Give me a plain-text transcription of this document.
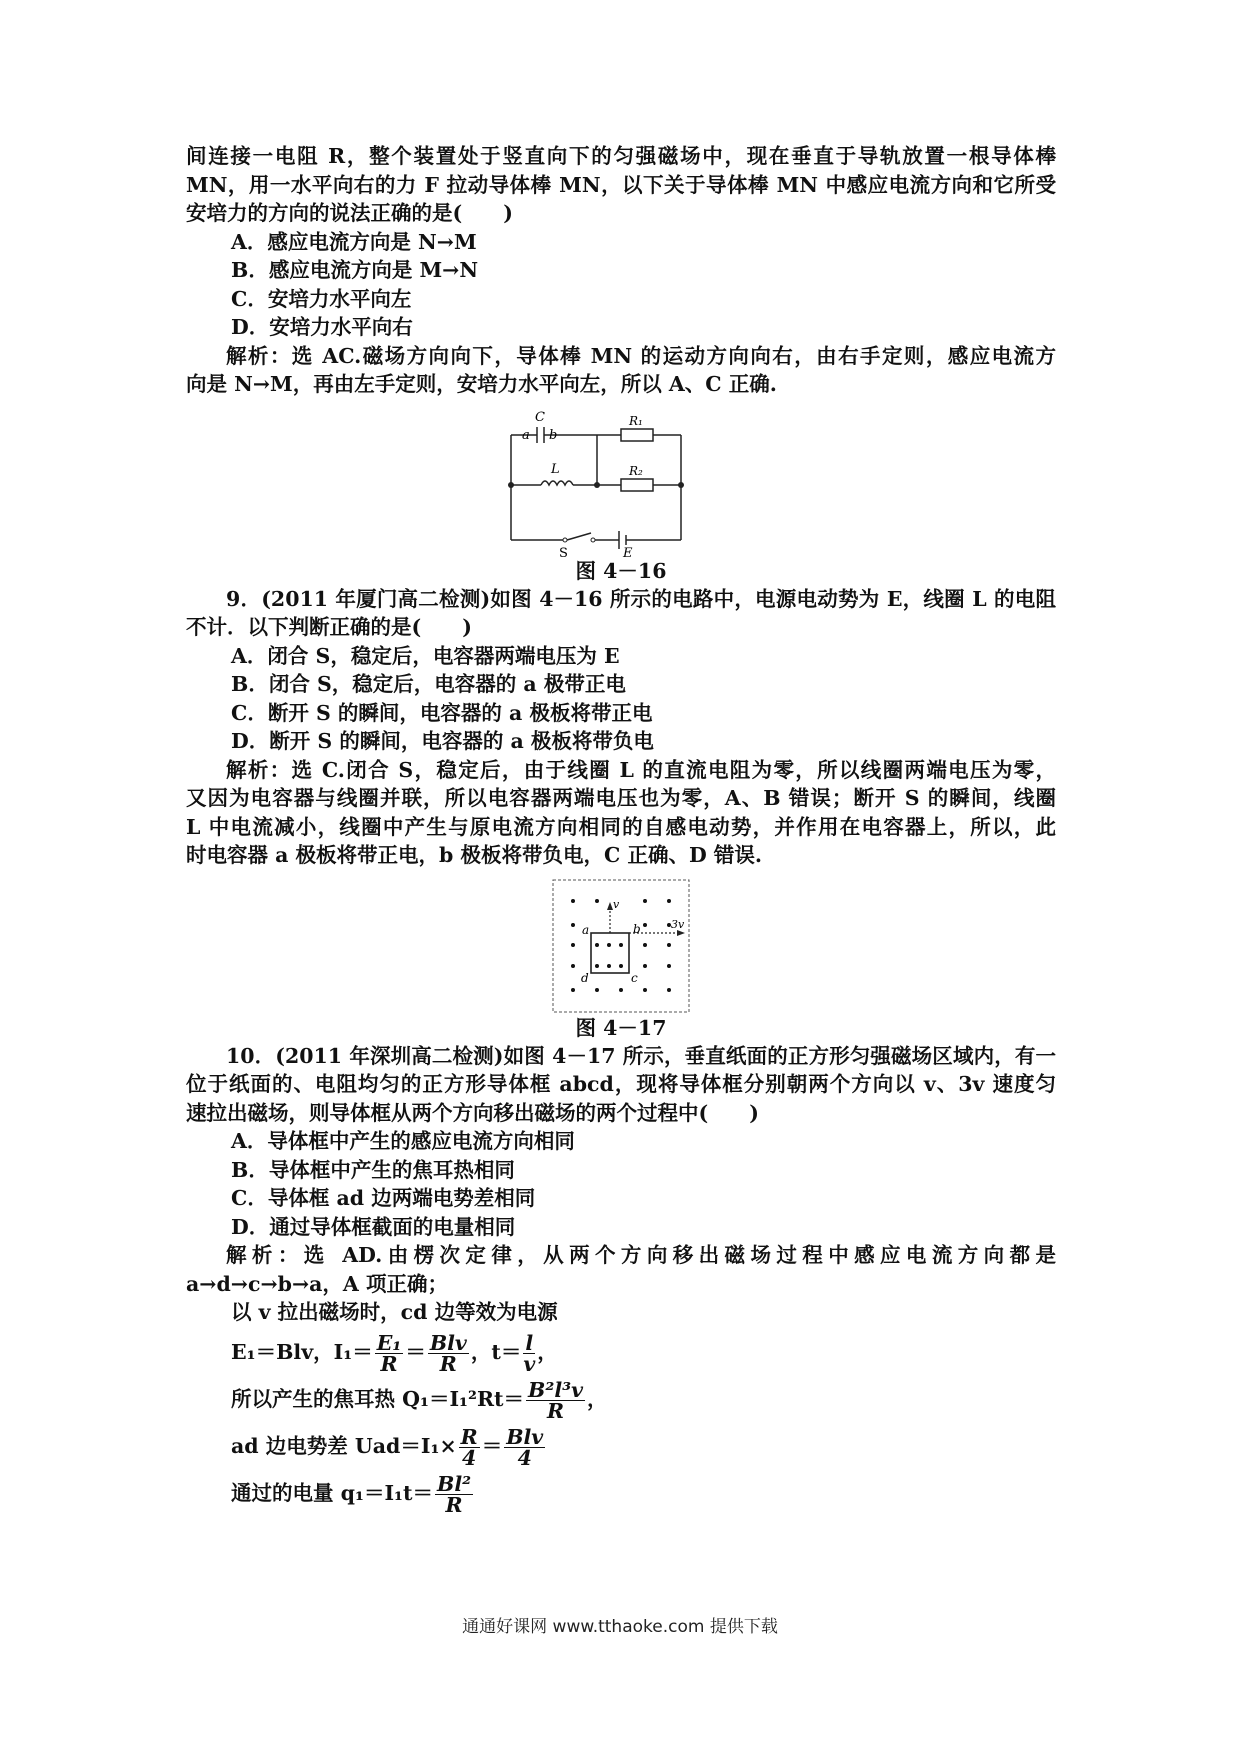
间连接一电阻 R，整个装置处于竖直向下的匀强磁场中，现在垂直于导轨放置一根导体棒
MN，用一水平向右的力 F 拉动导体棒 MN，以下关于导体棒 MN 中感应电流方向和它所受
安培力的方向的说法正确的是(　　)
A．感应电流方向是 N→M
B．感应电流方向是 M→N
C．安培力水平向左
D．安培力水平向右
解析：选 AC.磁场方向向下，导体棒 MN 的运动方向向右，由右手定则，感应电流方
向是 N→M，再由左手定则，安培力水平向左，所以 A、C 正确.
C
a b
R₁
L	R₂
S	E
图 4－16
9．(2011 年厦门高二检测)如图 4－16 所示的电路中，电源电动势为 E，线圈 L 的电阻
不计．以下判断正确的是(　　)
A．闭合 S，稳定后，电容器两端电压为 E
B．闭合 S，稳定后，电容器的 a 极带正电
C．断开 S 的瞬间，电容器的 a 极板将带正电
D．断开 S 的瞬间，电容器的 a 极板将带负电
解析：选 C.闭合 S，稳定后，由于线圈 L 的直流电阻为零，所以线圈两端电压为零，
又因为电容器与线圈并联，所以电容器两端电压也为零，A、B 错误；断开 S 的瞬间，线圈
L 中电流减小，线圈中产生与原电流方向相同的自感电动势，并作用在电容器上，所以，此
时电容器 a 极板将带正电，b 极板将带负电，C 正确、D 错误.
v
a	b
c
d
3v
图 4－17
10．(2011 年深圳高二检测)如图 4－17 所示，垂直纸面的正方形匀强磁场区域内，有一
位于纸面的、电阻均匀的正方形导体框 abcd，现将导体框分别朝两个方向以 v、3v 速度匀
速拉出磁场，则导体框从两个方向移出磁场的两个过程中(　　)
A．导体框中产生的感应电流方向相同
B．导体框中产生的焦耳热相同
C．导体框 ad 边两端电势差相同
D．通过导体框截面的电量相同
解析：选 AD.由楞次定律，从两个方向移出磁场过程中感应电流方向都是
a→d→c→b→a，A 项正确；
以 v 拉出磁场时，cd 边等效为电源
E₁＝Blv，$I_1= \frac{\text{E₁}}{R} = \frac{\text{Blv}}{R}$ ，$t= \frac{l}{v}$ ，
所以产生的焦耳热 $Q_1=I_1^2Rt= \frac{\text{B²l³v}}{R}$ ，
ad 边电势差 $Uad=I_1\times \frac{R}{4} = \frac{\text{Blv}}{4}$
通过的电量 $q_1=I_1t= \frac{\text{Bl²}}{R}$
通通好课网 www.tthaoke.com 提供下载
